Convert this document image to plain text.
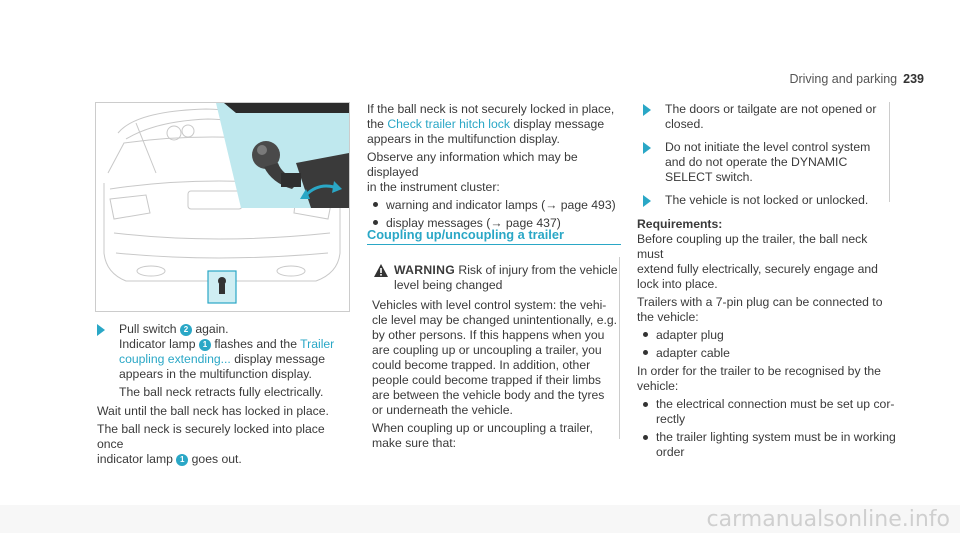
Driving and parking 239
Pull switch 2 again.
Indicator lamp 1 flashes and the Trailer
coupling extending... display message
appears in the multifunction display.
The ball neck retracts fully electrically.
Wait until the ball neck has locked in place.
The ball neck is securely locked into place once
indicator lamp 1 goes out.
If the ball neck is not securely locked in place,
the Check trailer hitch lock display message
appears in the multifunction display.
Observe any information which may be displayed
in the instrument cluster:
warning and indicator lamps (→ page 493)
display messages (→ page 437)
Coupling up/uncoupling a trailer
WARNING Risk of injury from the vehicle
level being changed
Vehicles with level control system: the vehi-
cle level may be changed unintentionally, e.g.
by other persons. If this happens when you
are coupling up or uncoupling a trailer, you
could become trapped. In addition, other
people could become trapped if their limbs
are between the vehicle body and the tyres
or underneath the vehicle.
When coupling up or uncoupling a trailer,
make sure that:
The doors or tailgate are not opened or
closed.
Do not initiate the level control system
and do not operate the DYNAMIC
SELECT switch.
The vehicle is not locked or unlocked.
Requirements:
Before coupling up the trailer, the ball neck must
extend fully electrically, securely engage and
lock into place.
Trailers with a 7-pin plug can be connected to
the vehicle:
adapter plug
adapter cable
In order for the trailer to be recognised by the
vehicle:
the electrical connection must be set up cor-
rectly
the trailer lighting system must be in working
order
carmanualsonline.info
